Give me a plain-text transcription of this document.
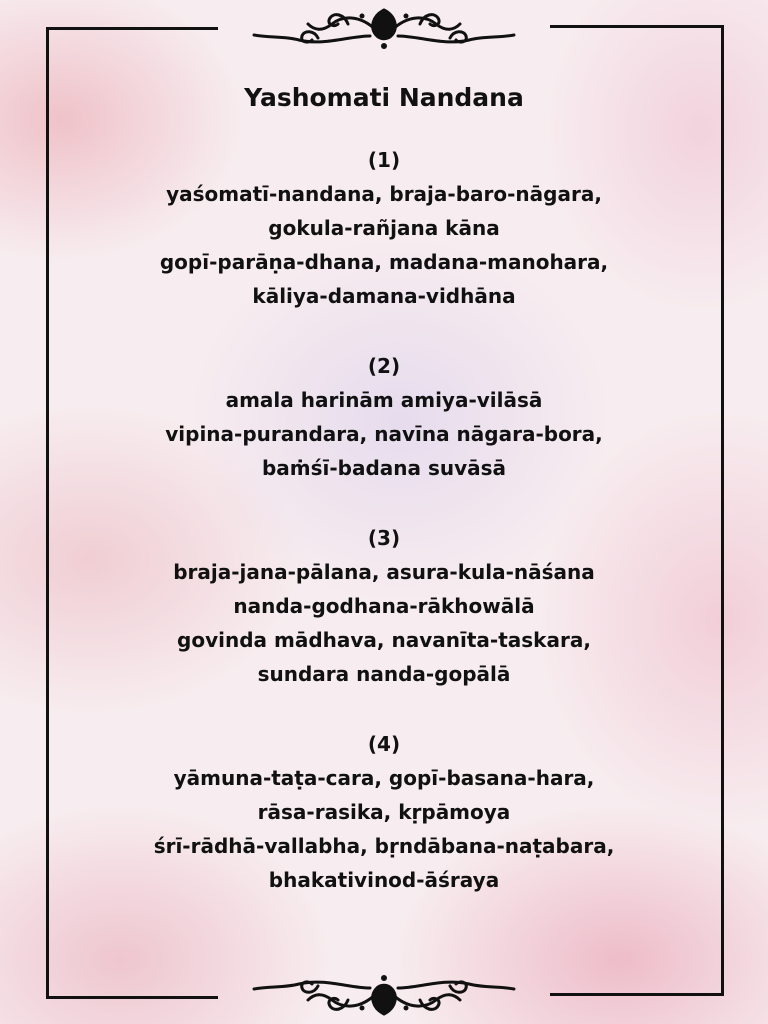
Yashomati Nandana
(1)
yaśomatī-nandana, braja-baro-nāgara,
gokula-rañjana kāna
gopī-parāṇa-dhana, madana-manohara,
kāliya-damana-vidhāna
(2)
amala harinām amiya-vilāsā
vipina-purandara, navīna nāgara-bora,
baṁśī-badana suvāsā
(3)
braja-jana-pālana, asura-kula-nāśana
nanda-godhana-rākhowālā
govinda mādhava, navanīta-taskara,
sundara nanda-gopālā
(4)
yāmuna-taṭa-cara, gopī-basana-hara,
rāsa-rasika, kṛpāmoya
śrī-rādhā-vallabha, bṛndābana-naṭabara,
bhakativinod-āśraya
